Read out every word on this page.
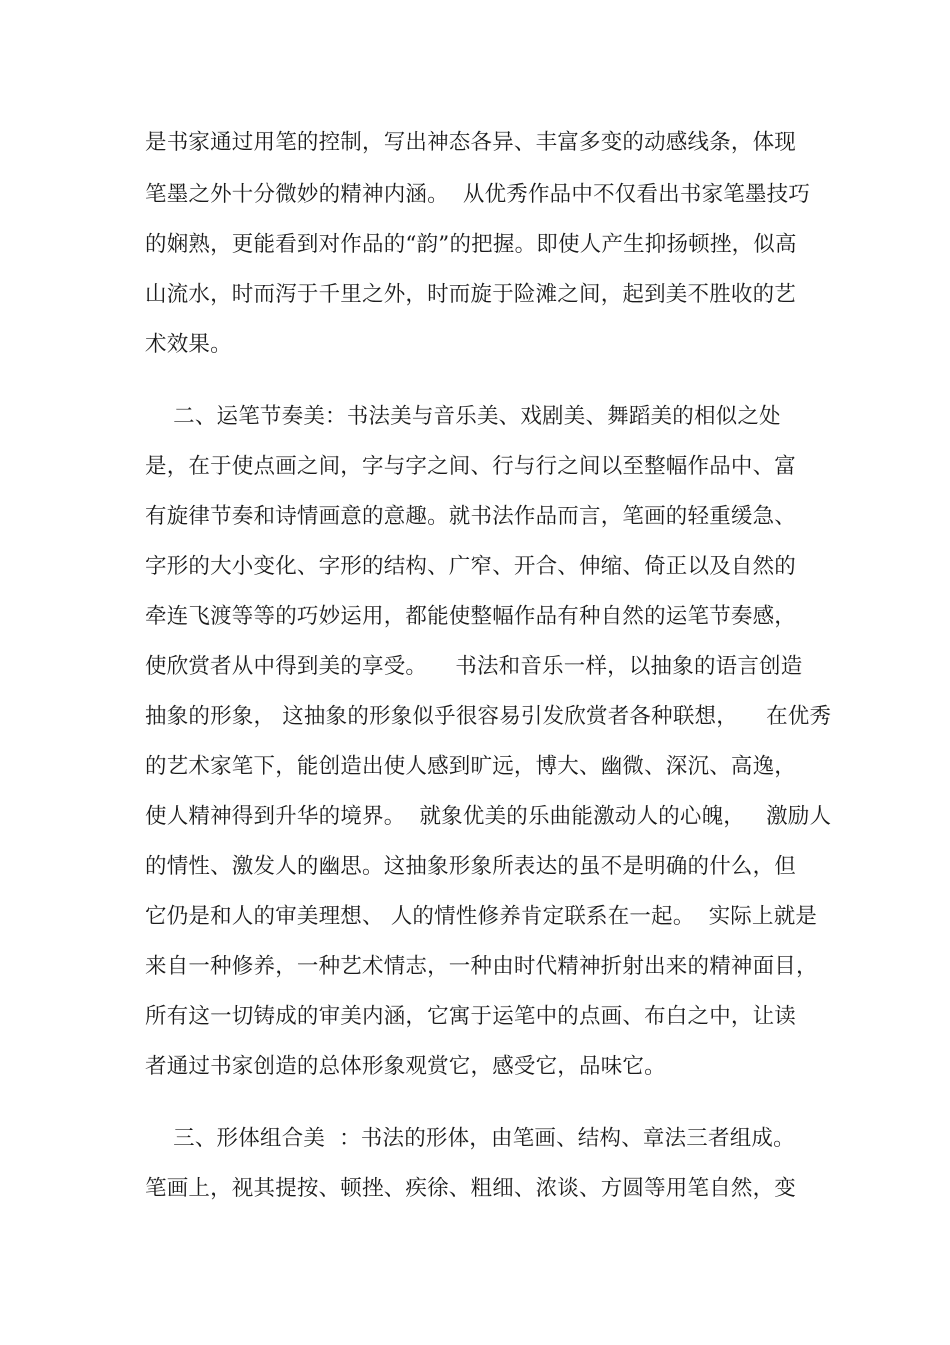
是书家通过用笔的控制，写出神态各异、丰富多变的动感线条，体现
笔墨之外十分微妙的精神内涵。  从优秀作品中不仅看出书家笔墨技巧
的娴熟，更能看到对作品的“韵”的把握。即使人产生抑扬顿挫，似高
山流水，时而泻于千里之外，时而旋于险滩之间，起到美不胜收的艺
术效果。
二、运笔节奏美：书法美与音乐美、戏剧美、舞蹈美的相似之处
是，在于使点画之间，字与字之间、行与行之间以至整幅作品中、富
有旋律节奏和诗情画意的意趣。就书法作品而言，笔画的轻重缓急、
字形的大小变化、字形的结构、广窄、开合、伸缩、倚正以及自然的
牵连飞渡等等的巧妙运用，都能使整幅作品有种自然的运笔节奏感，
使欣赏者从中得到美的享受。    书法和音乐一样，以抽象的语言创造
抽象的形象， 这抽象的形象似乎很容易引发欣赏者各种联想，    在优秀
的艺术家笔下，能创造出使人感到旷远，博大、幽微、深沉、高逸，
使人精神得到升华的境界。  就象优美的乐曲能激动人的心魄，   激励人
的情性、激发人的幽思。这抽象形象所表达的虽不是明确的什么，但
它仍是和人的审美理想、 人的情性修养肯定联系在一起。  实际上就是
来自一种修养，一种艺术情志，一种由时代精神折射出来的精神面目，
所有这一切铸成的审美内涵，它寓于运笔中的点画、布白之中，让读
者通过书家创造的总体形象观赏它，感受它，品味它。
三、形体组合美  ：书法的形体，由笔画、结构、章法三者组成。
笔画上，视其提按、顿挫、疾徐、粗细、浓谈、方圆等用笔自然，变
